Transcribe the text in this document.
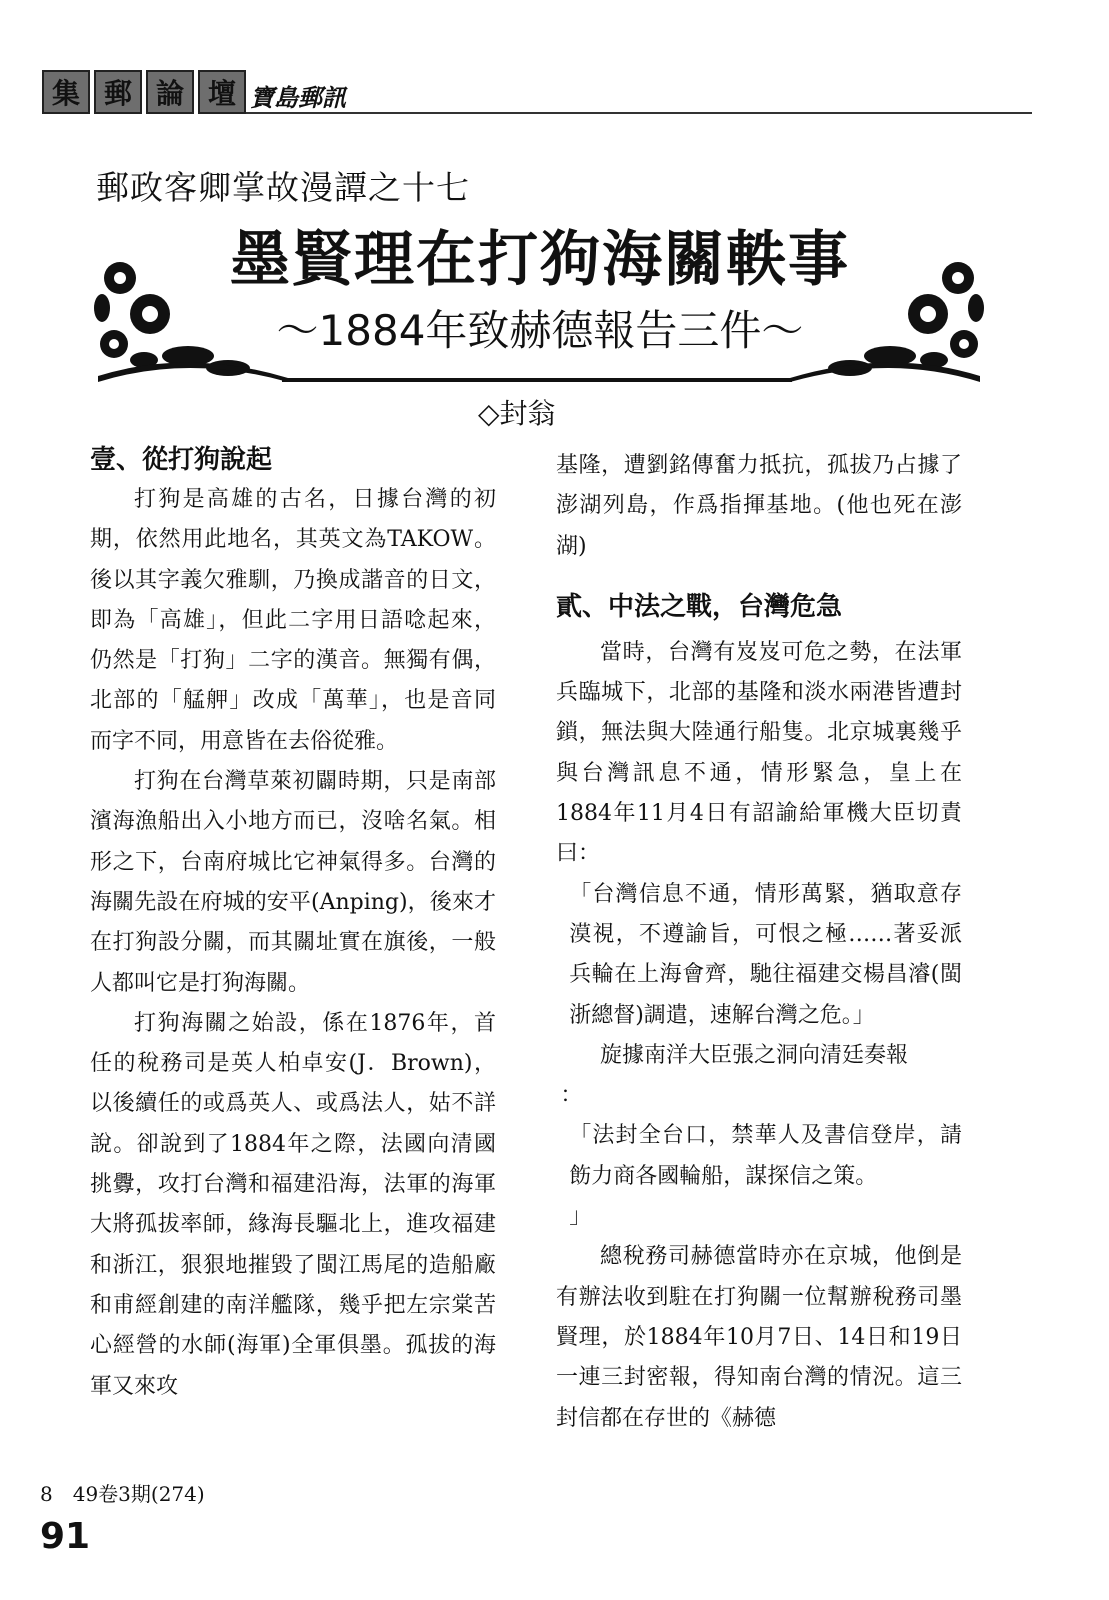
集 郵 論 壇 寶島郵訊
郵政客卿掌故漫譚之十七
墨賢理在打狗海關軼事
～1884年致赫德報告三件～
◇封翁

壹、從打狗說起

打狗是高雄的古名，日據台灣的初期，依然用此地名，其英文為TAKOW。後以其字義欠雅馴，乃換成諧音的日文，即為「高雄」，但此二字用日語唸起來，仍然是「打狗」二字的漢音。無獨有偶，北部的「艋舺」改成「萬華」，也是音同而字不同，用意皆在去俗從雅。

打狗在台灣草萊初闢時期，只是南部濱海漁船出入小地方而已，沒啥名氣。相形之下，台南府城比它神氣得多。台灣的海關先設在府城的安平(Anping)，後來才在打狗設分關，而其關址實在旗後，一般人都叫它是打狗海關。

打狗海關之始設，係在1876年，首任的稅務司是英人柏卓安(J．Brown)，以後續任的或爲英人、或爲法人，姑不詳說。卻說到了1884年之際，法國向清國挑釁，攻打台灣和福建沿海，法軍的海軍大將孤拔率師，緣海長驅北上，進攻福建和浙江，狠狠地摧毀了閩江馬尾的造船廠和甫經創建的南洋艦隊，幾乎把左宗棠苦心經營的水師(海軍)全軍俱墨。孤拔的海軍又來攻

基隆，遭劉銘傳奮力抵抗，孤拔乃占據了澎湖列島，作爲指揮基地。(他也死在澎湖)

貳、中法之戰，台灣危急

當時，台灣有岌岌可危之勢，在法軍兵臨城下，北部的基隆和淡水兩港皆遭封鎖，無法與大陸通行船隻。北京城裏幾乎與台灣訊息不通，情形緊急，皇上在1884年11月4日有詔諭給軍機大臣切責曰：

「台灣信息不通，情形萬緊，猶取意存漠視，不遵諭旨，可恨之極……著妥派兵輪在上海會齊，馳往福建交楊昌濬(閩浙總督)調遣，速解台灣之危。」

旋據南洋大臣張之洞向清廷奏報

：

「法封全台口，禁華人及書信登岸，請飭力商各國輪船，謀探信之策。

」

總稅務司赫德當時亦在京城，他倒是有辦法收到駐在打狗關一位幫辦稅務司墨賢理，於1884年10月7日、14日和19日一連三封密報，得知南台灣的情況。這三封信都在存世的《赫德

8　49卷3期(274)
91
